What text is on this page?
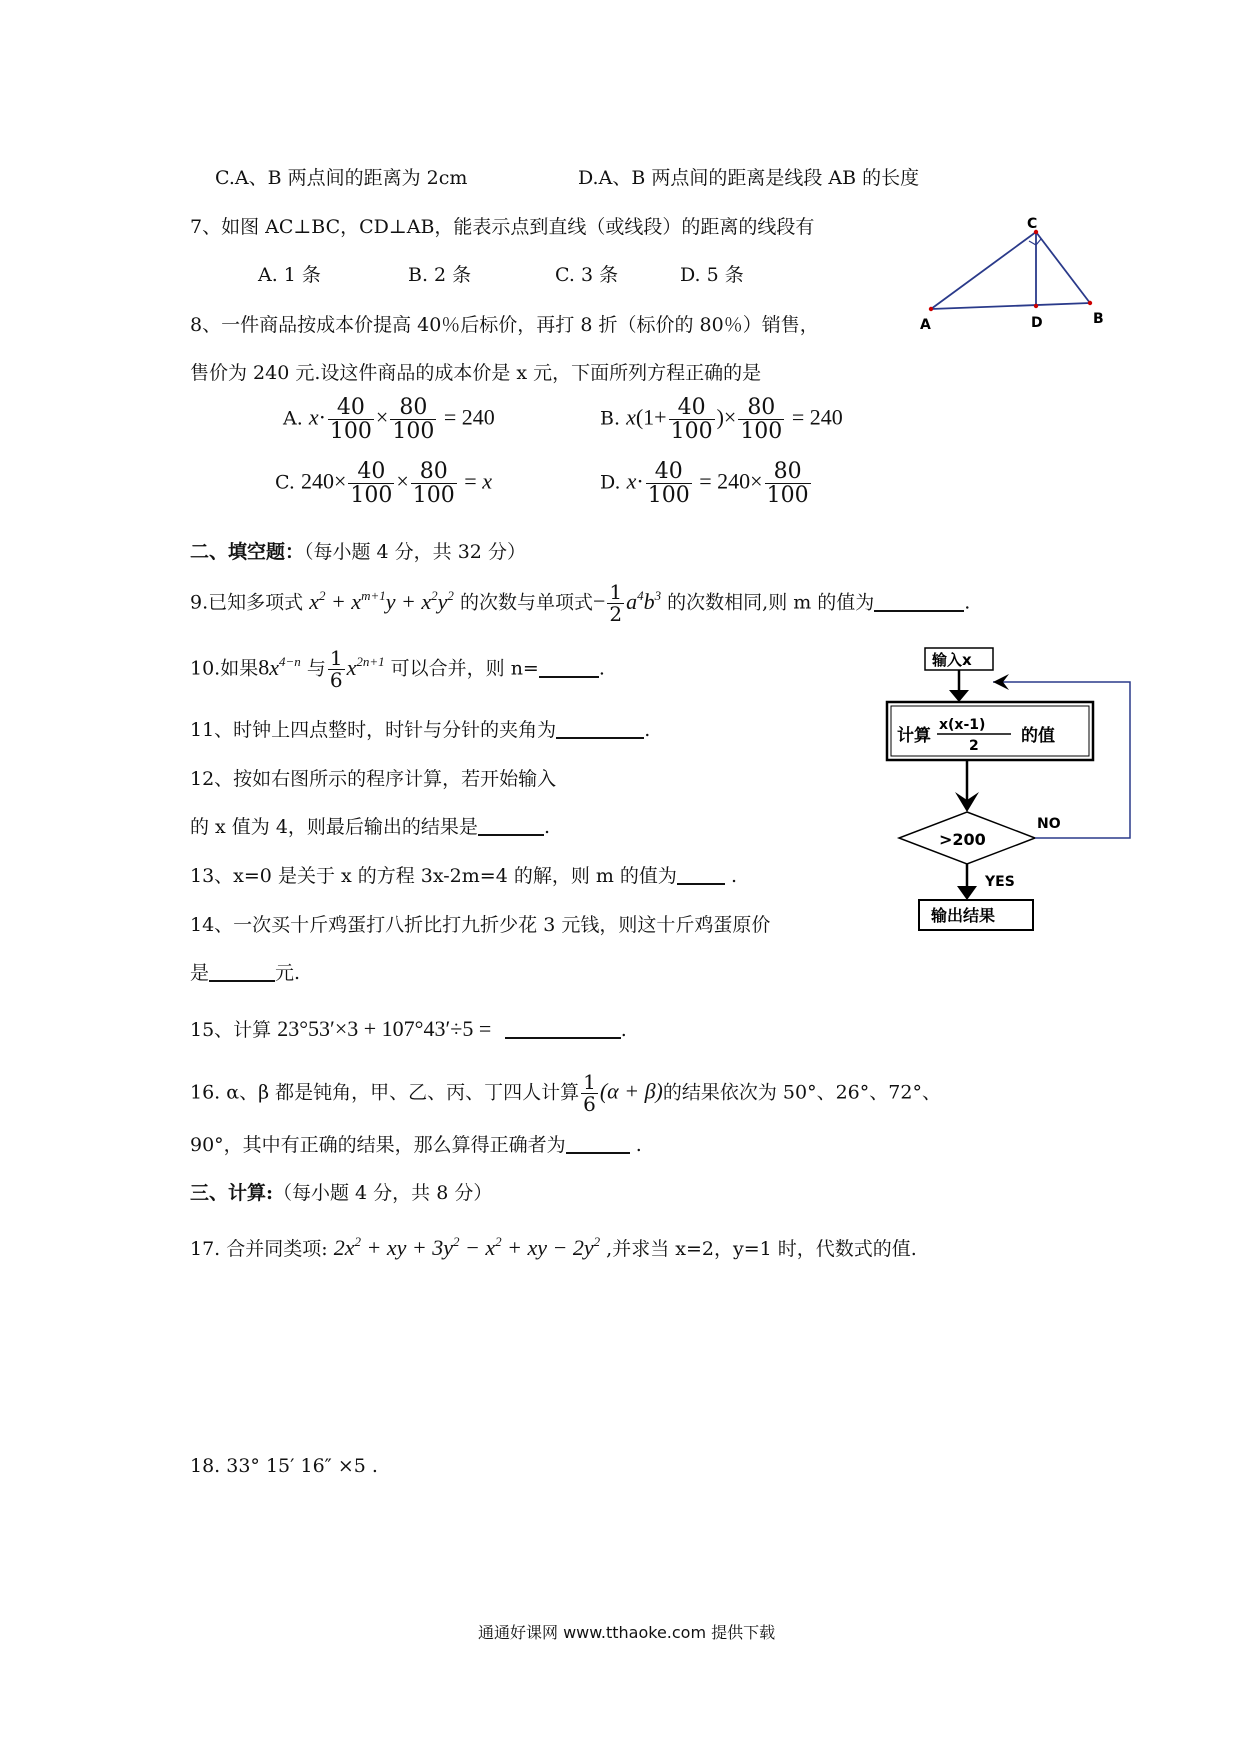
C.A、B 两点间的距离为 2cm	D.A、B 两点间的距离是线段 AB 的长度
7、如图 AC⊥BC，CD⊥AB，能表示点到直线（或线段）的距离的线段有
A. 1 条	B. 2 条	C. 3 条	D. 5 条
C
A	D	B
8、一件商品按成本价提高 40％后标价，再打 8 折（标价的 80％）销售，
售价为 240 元.设这件商品的成本价是 x 元，下面所列方程正确的是
A. $x\cdot \frac{40}{100} \times \frac{80}{100} = 240$	B. $x(1+ \frac{40}{100}$ )× $\frac{80}{100} = 240$
C. $240\times \frac{40}{100} \times \frac{80}{100} = x$	D. $x\cdot \frac{40}{100} = 240\times \frac{80}{100}$
二、填空题：（每小题 4 分，共 32 分）
9.已知多项式 $x^2 + x^{m+1}y + x^2y^2$ 的次数与单项式− $\frac{1}{2} a^4b^3$ 的次数相同,则 m 的值为	.
10.如果$8x^{4-n}$ 与 $\frac{1}{6} x^{2n+1}$ 可以合并，则 n=	.	输入x
计算
x(x-1)
2 的值
>200
NO
YES
输出结果
11、时钟上四点整时，时针与分针的夹角为	.
12、按如右图所示的程序计算，若开始输入
的 x 值为 4，则最后输出的结果是	.
13、x=0 是关于 x 的方程 3x-2m=4 的解，则 m 的值为	.
14、一次买十斤鸡蛋打八折比打九折少花 3 元钱，则这十斤鸡蛋原价
是	元.
15、计算 23°53′×3 + 107°43′÷5 =	.
16. α、β 都是钝角，甲、乙、丙、丁四人计算 $\frac{1}{6} (\alpha + \beta)$的结果依次为 50°、26°、72°、
90°，其中有正确的结果，那么算得正确者为	.
三、计算:（每小题 4 分，共 8 分）
17. 合并同类项: $2x^2$ + xy + $3y^2 - x^2$ + xy − $2y^2$ ,并求当 x=2，y=1 时，代数式的值.
18. 33° 15′ 16″ ×5 .
通通好课网 www.tthaoke.com 提供下载
